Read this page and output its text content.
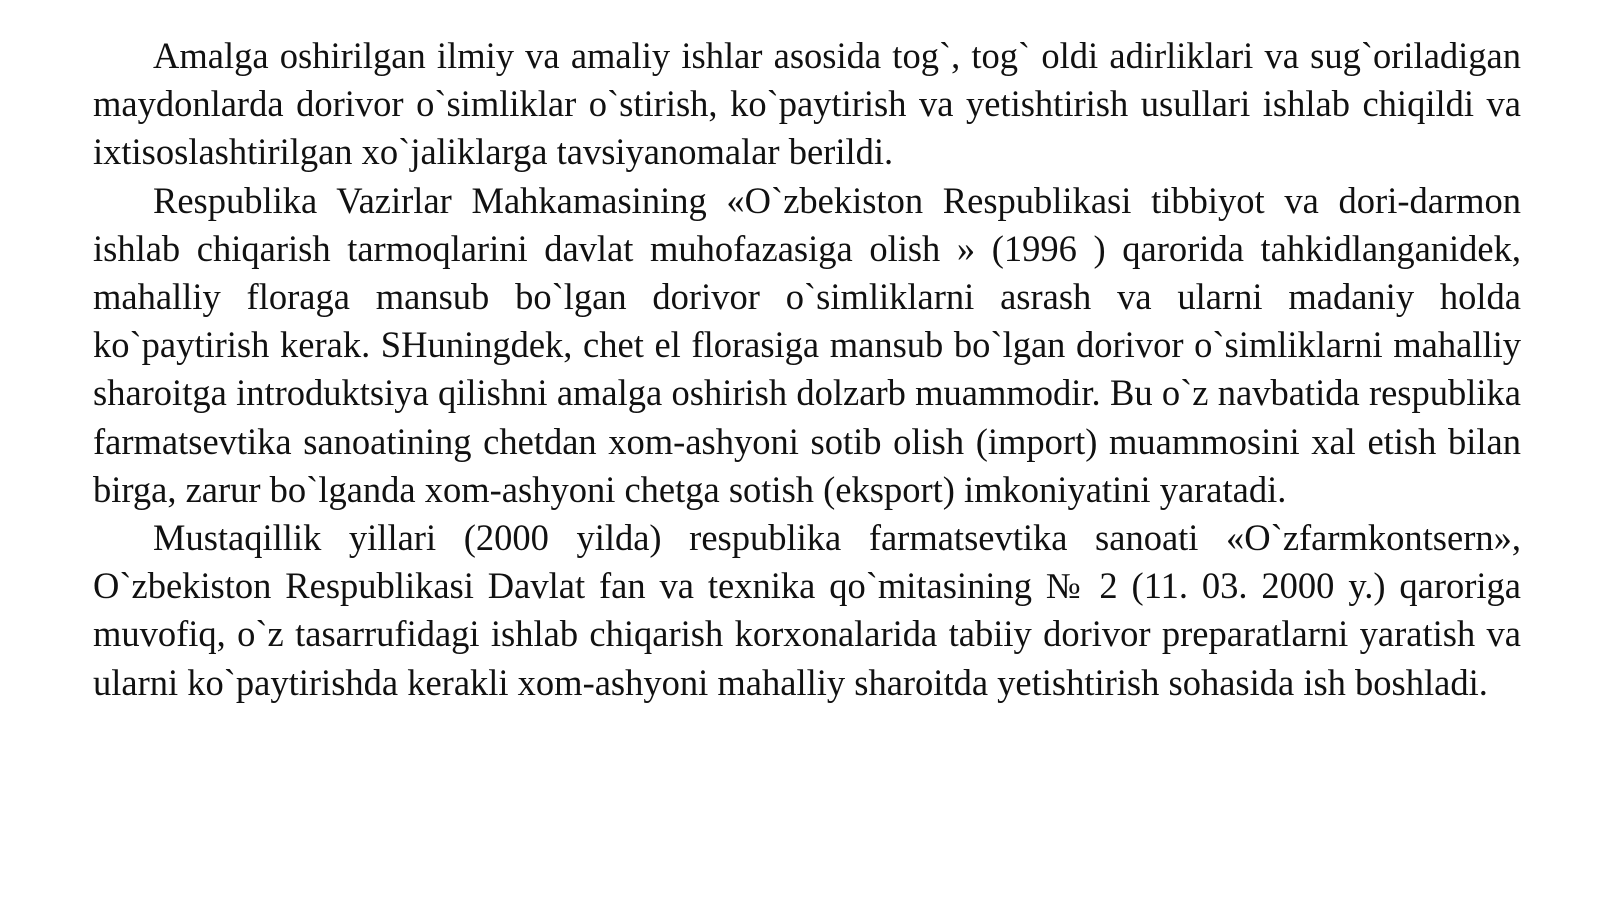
Amalga oshirilgan ilmiy va amaliy ishlar asosida tog`, tog` oldi adirliklari va sug`oriladigan maydonlarda dorivor o`simliklar o`stirish, ko`paytirish va yetishtirish usullari ishlab chiqildi va ixtisoslashtirilgan xo`jaliklarga tavsiyanomalar berildi.

Respublika Vazirlar Mahkamasining «O`zbekiston Respublikasi tibbiyot va dori-darmon ishlab chiqarish tarmoqlarini davlat muhofazasiga olish » (1996 ) qarorida tahkidlanganidek, mahalliy floraga mansub bo`lgan dorivor o`simliklarni asrash va ularni madaniy holda ko`paytirish kerak. SHuningdek, chet el florasiga mansub bo`lgan dorivor o`simliklarni mahalliy sharoitga introduktsiya qilishni amalga oshirish dolzarb muammodir. Bu o`z navbatida respublika farmatsevtika sanoatining chetdan xom-ashyoni sotib olish (import) muammosini xal etish bilan birga, zarur bo`lganda xom-ashyoni chetga sotish (eksport) imkoniyatini yaratadi.

Mustaqillik yillari (2000 yilda) respublika farmatsevtika sanoati «O`zfarmkontsern», O`zbekiston Respublikasi Davlat fan va texnika qo`mitasining № 2 (11. 03. 2000 y.) qaroriga muvofiq, o`z tasarrufidagi ishlab chiqarish korxonalarida tabiiy dorivor preparatlarni yaratish va ularni ko`paytirishda kerakli xom-ashyoni mahalliy sharoitda yetishtirish sohasida ish boshladi.
